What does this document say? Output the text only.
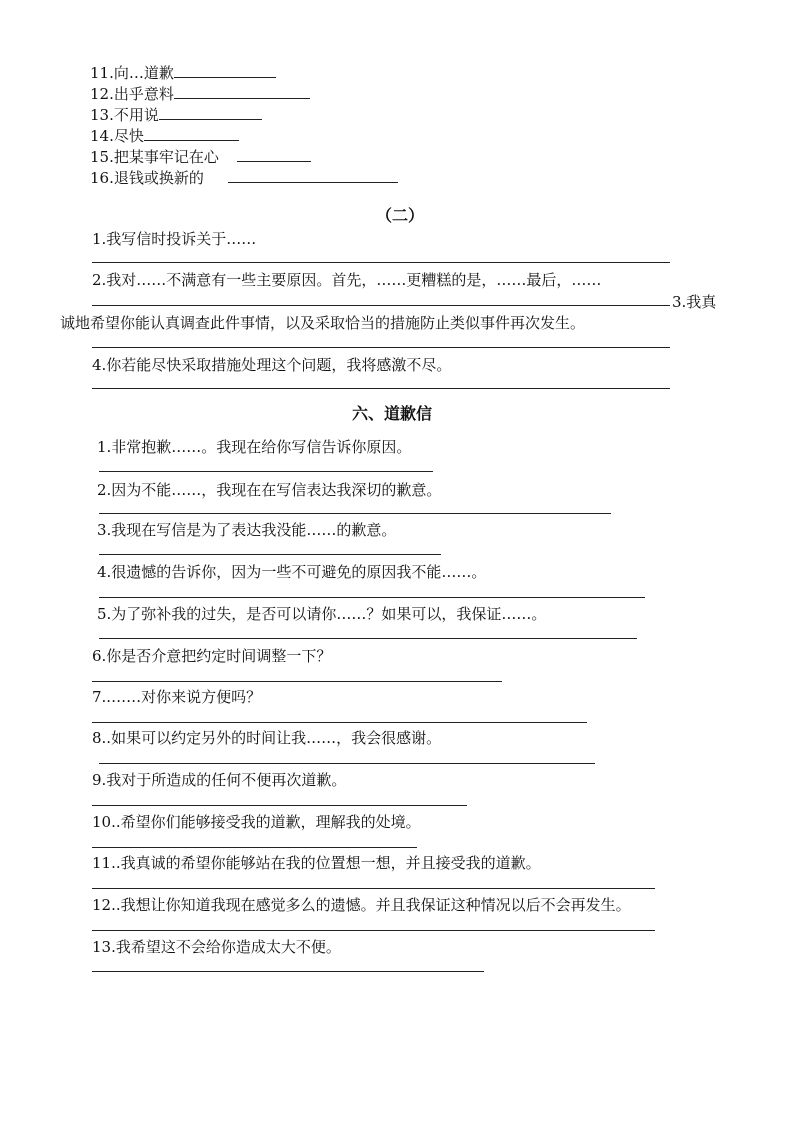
11.向…道歉
12.出乎意料
13.不用说
14.尽快
15.把某事牢记在心
16.退钱或换新的
（二）
1.我写信时投诉关于……
2.我对……不满意有一些主要原因。首先，……更糟糕的是，……最后，……
3.我真
诚地希望你能认真调查此件事情，以及采取恰当的措施防止类似事件再次发生。
4.你若能尽快采取措施处理这个问题，我将感激不尽。
六、道歉信
1.非常抱歉……。我现在给你写信告诉你原因。
2.因为不能……，我现在在写信表达我深切的歉意。
3.我现在写信是为了表达我没能……的歉意。
4.很遗憾的告诉你，因为一些不可避免的原因我不能……。
5.为了弥补我的过失，是否可以请你……？如果可以，我保证……。
6.你是否介意把约定时间调整一下？
7..……对你来说方便吗？
8..如果可以约定另外的时间让我……，我会很感谢。
9.我对于所造成的任何不便再次道歉。
10..希望你们能够接受我的道歉，理解我的处境。
11..我真诚的希望你能够站在我的位置想一想，并且接受我的道歉。
12..我想让你知道我现在感觉多么的遗憾。并且我保证这种情况以后不会再发生。
13.我希望这不会给你造成太大不便。
